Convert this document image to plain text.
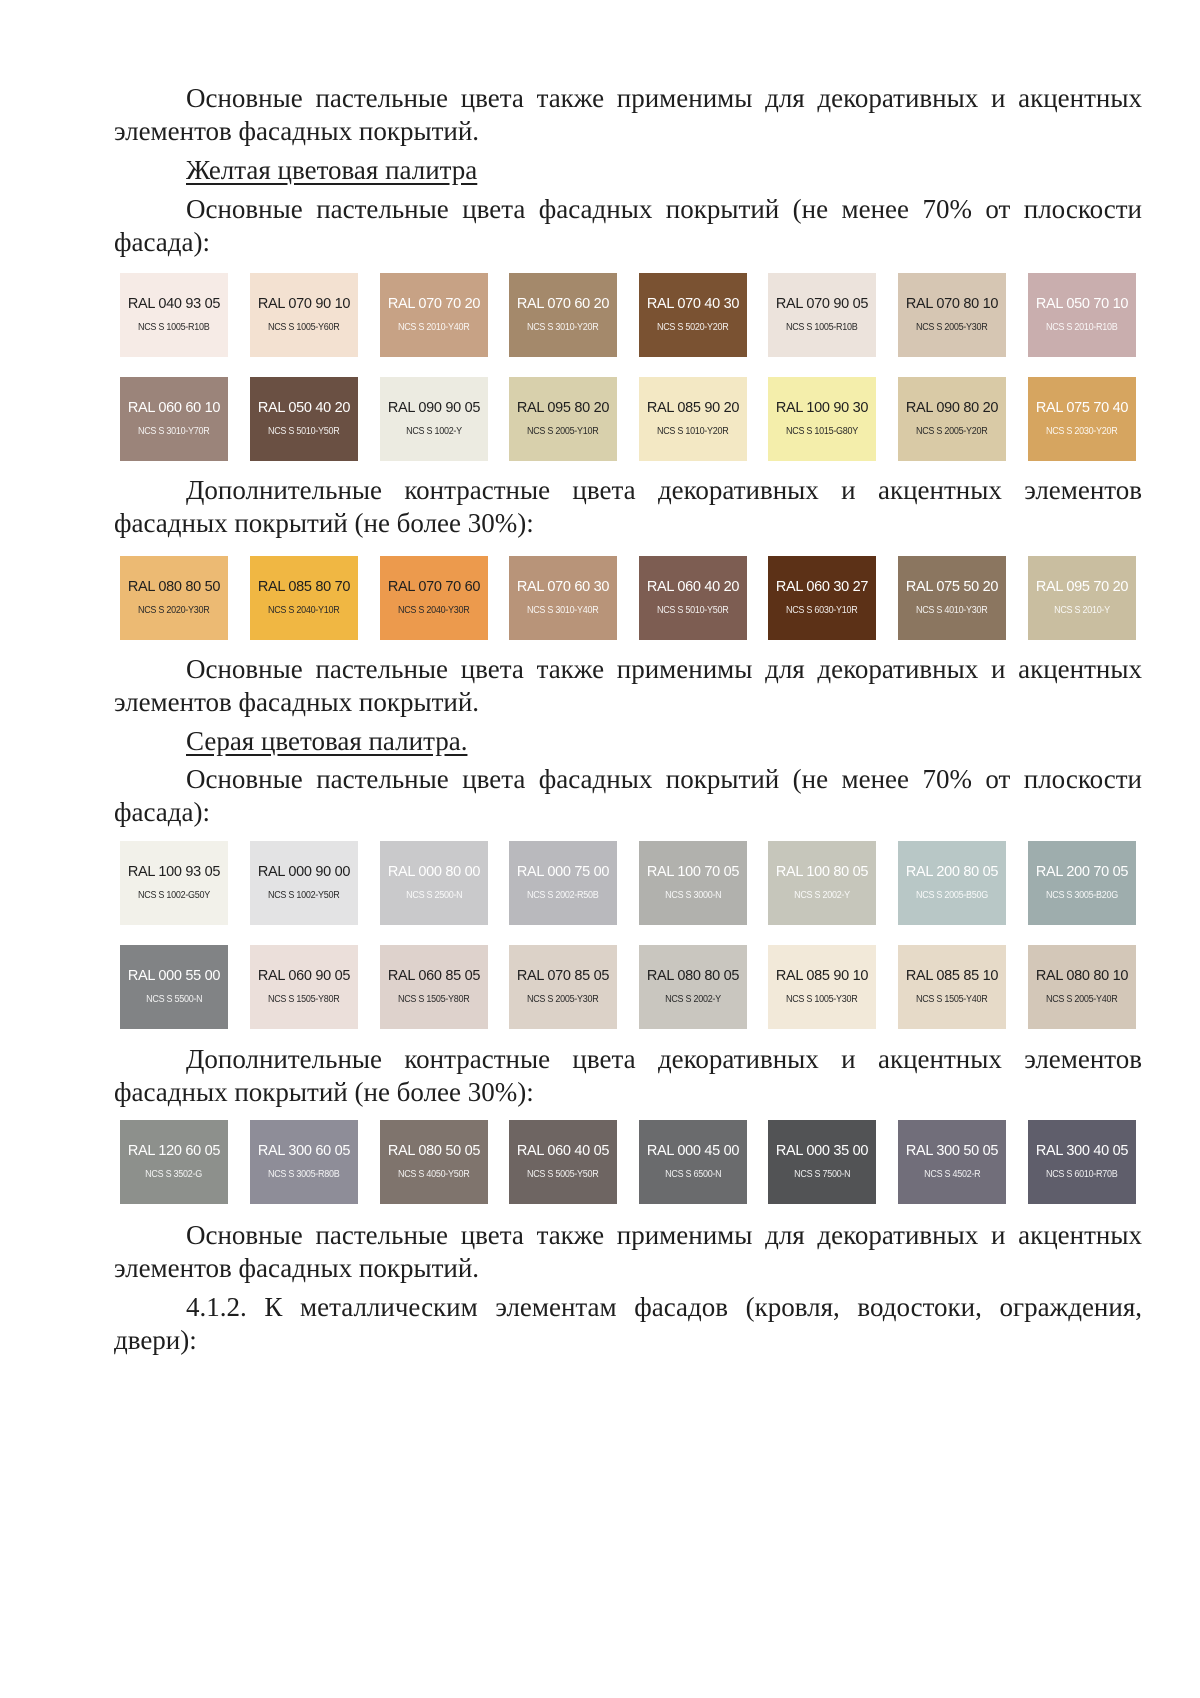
Основные пастельные цвета также применимы для декоративных и акцентных элементов фасадных покрытий.

Желтая цветовая палитра

Основные пастельные цвета фасадных покрытий (не менее 70% от плоскости фасада):

Дополнительные контрастные цвета декоративных и акцентных элементов фасадных покрытий (не более 30%):

Основные пастельные цвета также применимы для декоративных и акцентных элементов фасадных покрытий.

Серая цветовая палитра.

Основные пастельные цвета фасадных покрытий (не менее 70% от плоскости фасада):

Дополнительные контрастные цвета декоративных и акцентных элементов фасадных покрытий (не более 30%):

Основные пастельные цвета также применимы для декоративных и акцентных элементов фасадных покрытий.

4.1.2. К металлическим элементам фасадов (кровля, водостоки, ограждения, двери):

RAL 040 93 05
NCS S 1005-R10B
RAL 070 90 10
NCS S 1005-Y60R
RAL 070 70 20
NCS S 2010-Y40R
RAL 070 60 20
NCS S 3010-Y20R
RAL 070 40 30
NCS S 5020-Y20R
RAL 070 90 05
NCS S 1005-R10B
RAL 070 80 10
NCS S 2005-Y30R
RAL 050 70 10
NCS S 2010-R10B
RAL 060 60 10
NCS S 3010-Y70R
RAL 050 40 20
NCS S 5010-Y50R
RAL 090 90 05
NCS S 1002-Y
RAL 095 80 20
NCS S 2005-Y10R
RAL 085 90 20
NCS S 1010-Y20R
RAL 100 90 30
NCS S 1015-G80Y
RAL 090 80 20
NCS S 2005-Y20R
RAL 075 70 40
NCS S 2030-Y20R
RAL 080 80 50
NCS S 2020-Y30R
RAL 085 80 70
NCS S 2040-Y10R
RAL 070 70 60
NCS S 2040-Y30R
RAL 070 60 30
NCS S 3010-Y40R
RAL 060 40 20
NCS S 5010-Y50R
RAL 060 30 27
NCS S 6030-Y10R
RAL 075 50 20
NCS S 4010-Y30R
RAL 095 70 20
NCS S 2010-Y
RAL 100 93 05
NCS S 1002-G50Y
RAL 000 90 00
NCS S 1002-Y50R
RAL 000 80 00
NCS S 2500-N
RAL 000 75 00
NCS S 2002-R50B
RAL 100 70 05
NCS S 3000-N
RAL 100 80 05
NCS S 2002-Y
RAL 200 80 05
NCS S 2005-B50G
RAL 200 70 05
NCS S 3005-B20G
RAL 000 55 00
NCS S 5500-N
RAL 060 90 05
NCS S 1505-Y80R
RAL 060 85 05
NCS S 1505-Y80R
RAL 070 85 05
NCS S 2005-Y30R
RAL 080 80 05
NCS S 2002-Y
RAL 085 90 10
NCS S 1005-Y30R
RAL 085 85 10
NCS S 1505-Y40R
RAL 080 80 10
NCS S 2005-Y40R
RAL 120 60 05
NCS S 3502-G
RAL 300 60 05
NCS S 3005-R80B
RAL 080 50 05
NCS S 4050-Y50R
RAL 060 40 05
NCS S 5005-Y50R
RAL 000 45 00
NCS S 6500-N
RAL 000 35 00
NCS S 7500-N
RAL 300 50 05
NCS S 4502-R
RAL 300 40 05
NCS S 6010-R70B
